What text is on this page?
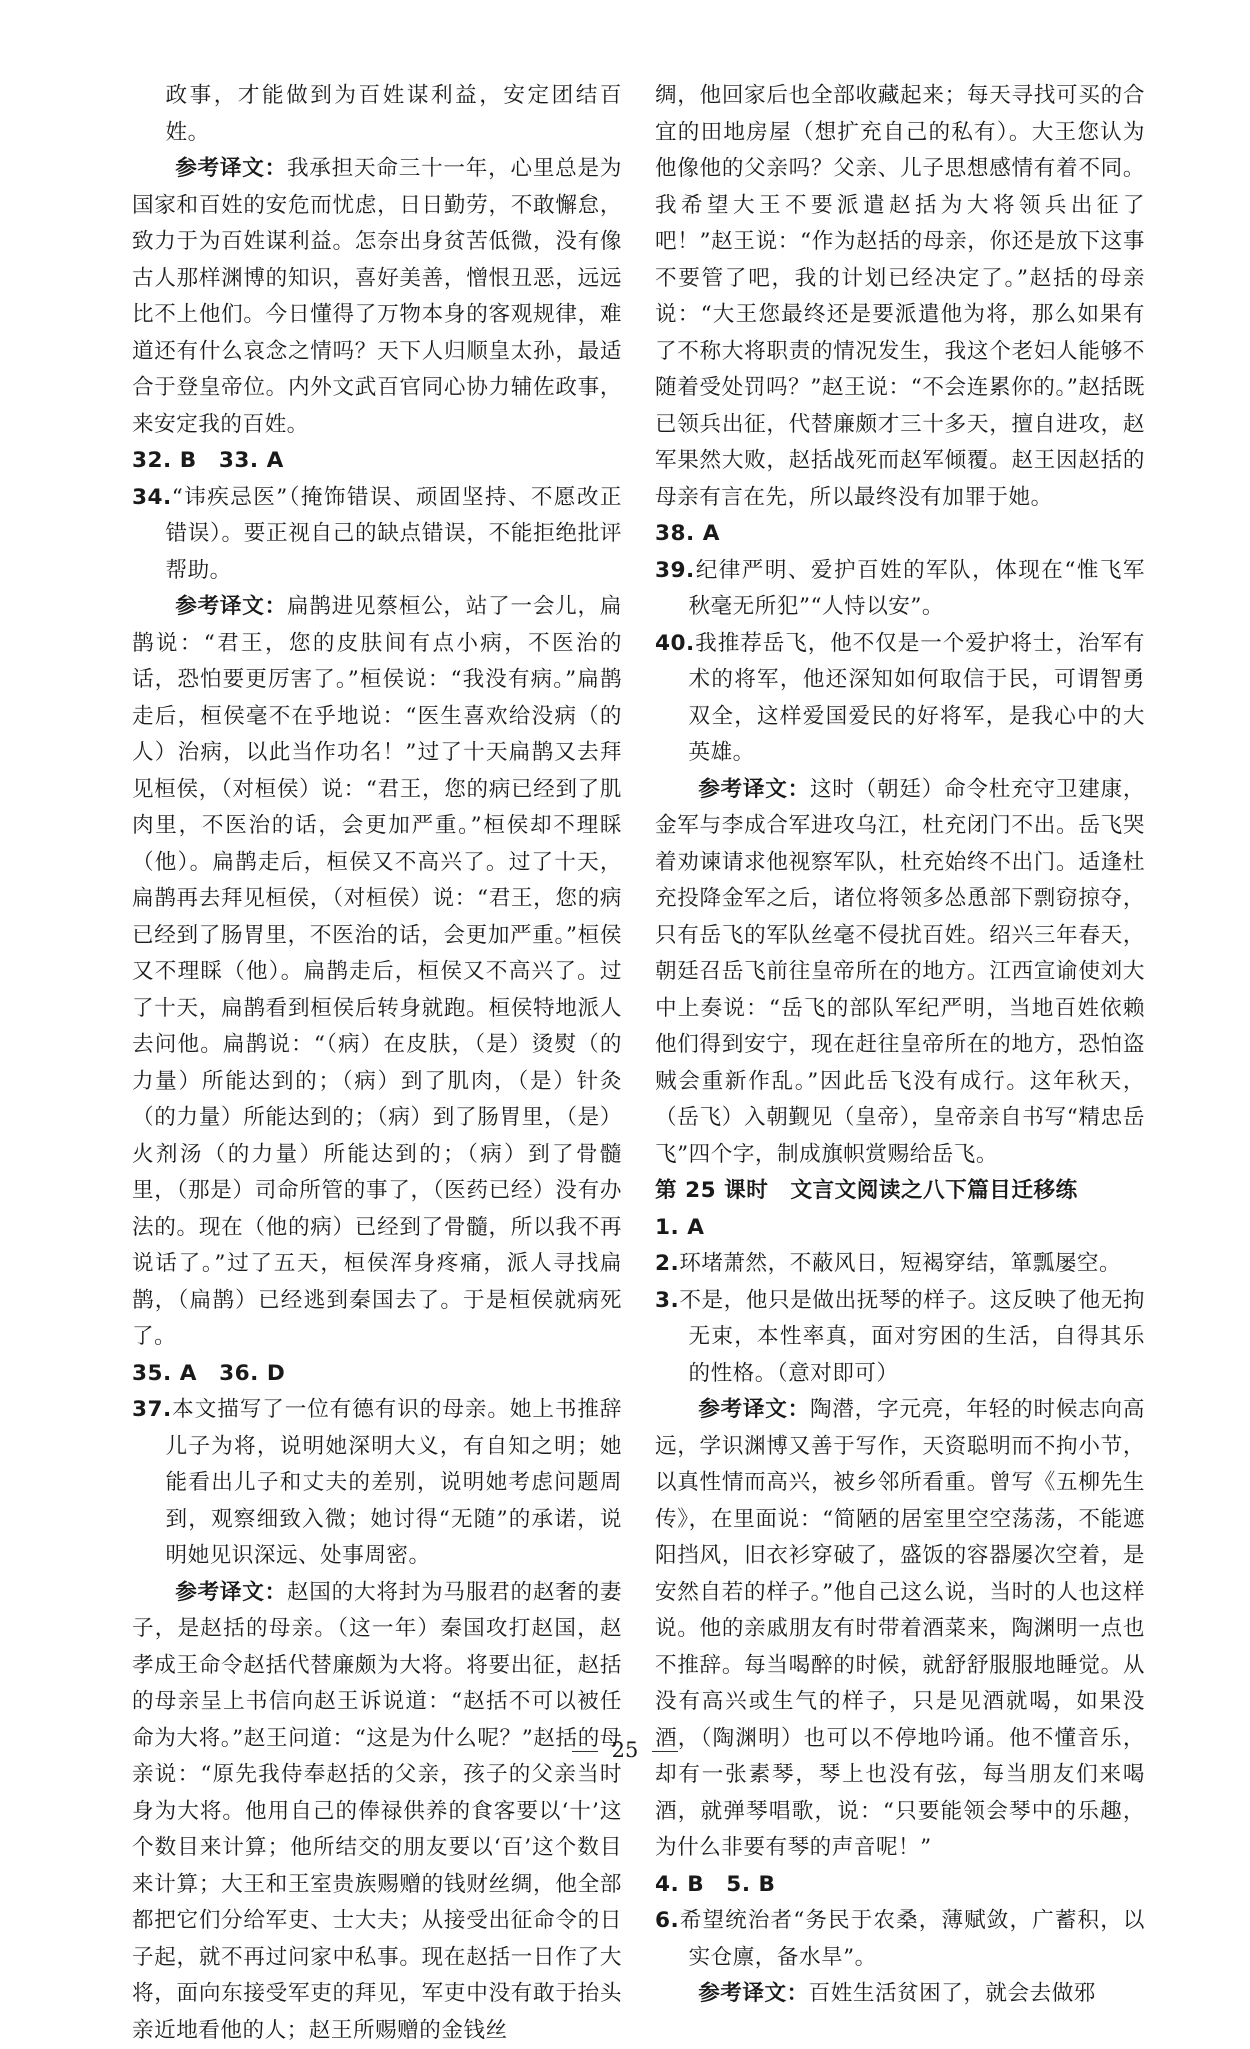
政事，才能做到为百姓谋利益，安定团结百姓。

参考译文：我承担天命三十一年，心里总是为国家和百姓的安危而忧虑，日日勤劳，不敢懈怠，致力于为百姓谋利益。怎奈出身贫苦低微，没有像古人那样渊博的知识，喜好美善，憎恨丑恶，远远比不上他们。今日懂得了万物本身的客观规律，难道还有什么哀念之情吗？天下人归顺皇太孙，最适合于登皇帝位。内外文武百官同心协力辅佐政事，来安定我的百姓。

32. B　33. A

34.“讳疾忌医”（掩饰错误、顽固坚持、不愿改正错误）。要正视自己的缺点错误，不能拒绝批评帮助。

参考译文：扁鹊进见蔡桓公，站了一会儿，扁鹊说：“君王，您的皮肤间有点小病，不医治的话，恐怕要更厉害了。”桓侯说：“我没有病。”扁鹊走后，桓侯毫不在乎地说：“医生喜欢给没病（的人）治病，以此当作功名！”过了十天扁鹊又去拜见桓侯，（对桓侯）说：“君王，您的病已经到了肌肉里，不医治的话，会更加严重。”桓侯却不理睬（他）。扁鹊走后，桓侯又不高兴了。过了十天，扁鹊再去拜见桓侯，（对桓侯）说：“君王，您的病已经到了肠胃里，不医治的话，会更加严重。”桓侯又不理睬（他）。扁鹊走后，桓侯又不高兴了。过了十天，扁鹊看到桓侯后转身就跑。桓侯特地派人去问他。扁鹊说：“（病）在皮肤，（是）烫熨（的力量）所能达到的；（病）到了肌肉，（是）针灸（的力量）所能达到的；（病）到了肠胃里，（是）火剂汤（的力量）所能达到的；（病）到了骨髓里，（那是）司命所管的事了，（医药已经）没有办法的。现在（他的病）已经到了骨髓，所以我不再说话了。”过了五天，桓侯浑身疼痛，派人寻找扁鹊，（扁鹊）已经逃到秦国去了。于是桓侯就病死了。

35. A　36. D

37.本文描写了一位有德有识的母亲。她上书推辞儿子为将，说明她深明大义，有自知之明；她能看出儿子和丈夫的差别，说明她考虑问题周到，观察细致入微；她讨得“无随”的承诺，说明她见识深远、处事周密。

参考译文：赵国的大将封为马服君的赵奢的妻子，是赵括的母亲。（这一年）秦国攻打赵国，赵孝成王命令赵括代替廉颇为大将。将要出征，赵括的母亲呈上书信向赵王诉说道：“赵括不可以被任命为大将。”赵王问道：“这是为什么呢？”赵括的母亲说：“原先我侍奉赵括的父亲，孩子的父亲当时身为大将。他用自己的俸禄供养的食客要以‘十’这个数目来计算；他所结交的朋友要以‘百’这个数目来计算；大王和王室贵族赐赠的钱财丝绸，他全部都把它们分给军吏、士大夫；从接受出征命令的日子起，就不再过问家中私事。现在赵括一日作了大将，面向东接受军吏的拜见，军吏中没有敢于抬头亲近地看他的人；赵王所赐赠的金钱丝

绸，他回家后也全部收藏起来；每天寻找可买的合宜的田地房屋（想扩充自己的私有）。大王您认为他像他的父亲吗？父亲、儿子思想感情有着不同。我希望大王不要派遣赵括为大将领兵出征了吧！”赵王说：“作为赵括的母亲，你还是放下这事不要管了吧，我的计划已经决定了。”赵括的母亲说：“大王您最终还是要派遣他为将，那么如果有了不称大将职责的情况发生，我这个老妇人能够不随着受处罚吗？”赵王说：“不会连累你的。”赵括既已领兵出征，代替廉颇才三十多天，擅自进攻，赵军果然大败，赵括战死而赵军倾覆。赵王因赵括的母亲有言在先，所以最终没有加罪于她。

38. A

39.纪律严明、爱护百姓的军队，体现在“惟飞军秋毫无所犯”“人恃以安”。

40.我推荐岳飞，他不仅是一个爱护将士，治军有术的将军，他还深知如何取信于民，可谓智勇双全，这样爱国爱民的好将军，是我心中的大英雄。

参考译文：这时（朝廷）命令杜充守卫建康，金军与李成合军进攻乌江，杜充闭门不出。岳飞哭着劝谏请求他视察军队，杜充始终不出门。适逢杜充投降金军之后，诸位将领多怂恿部下剽窃掠夺，只有岳飞的军队丝毫不侵扰百姓。绍兴三年春天，朝廷召岳飞前往皇帝所在的地方。江西宣谕使刘大中上奏说：“岳飞的部队军纪严明，当地百姓依赖他们得到安宁，现在赶往皇帝所在的地方，恐怕盗贼会重新作乱。”因此岳飞没有成行。这年秋天，（岳飞）入朝觐见（皇帝），皇帝亲自书写“精忠岳飞”四个字，制成旗帜赏赐给岳飞。

第 25 课时　文言文阅读之八下篇目迁移练

1. A

2.环堵萧然，不蔽风日，短褐穿结，箪瓢屡空。

3.不是，他只是做出抚琴的样子。这反映了他无拘无束，本性率真，面对穷困的生活，自得其乐的性格。（意对即可）

参考译文：陶潜，字元亮，年轻的时候志向高远，学识渊博又善于写作，天资聪明而不拘小节，以真性情而高兴，被乡邻所看重。曾写《五柳先生传》，在里面说：“简陋的居室里空空荡荡，不能遮阳挡风，旧衣衫穿破了，盛饭的容器屡次空着，是安然自若的样子。”他自己这么说，当时的人也这样说。他的亲戚朋友有时带着酒菜来，陶渊明一点也不推辞。每当喝醉的时候，就舒舒服服地睡觉。从没有高兴或生气的样子，只是见酒就喝，如果没酒，（陶渊明）也可以不停地吟诵。他不懂音乐，却有一张素琴，琴上也没有弦，每当朋友们来喝酒，就弹琴唱歌，说：“只要能领会琴中的乐趣，为什么非要有琴的声音呢！”

4. B　5. B

6.希望统治者“务民于农桑，薄赋敛，广蓄积，以实仓廪，备水旱”。

参考译文：百姓生活贫困了，就会去做邪

25
